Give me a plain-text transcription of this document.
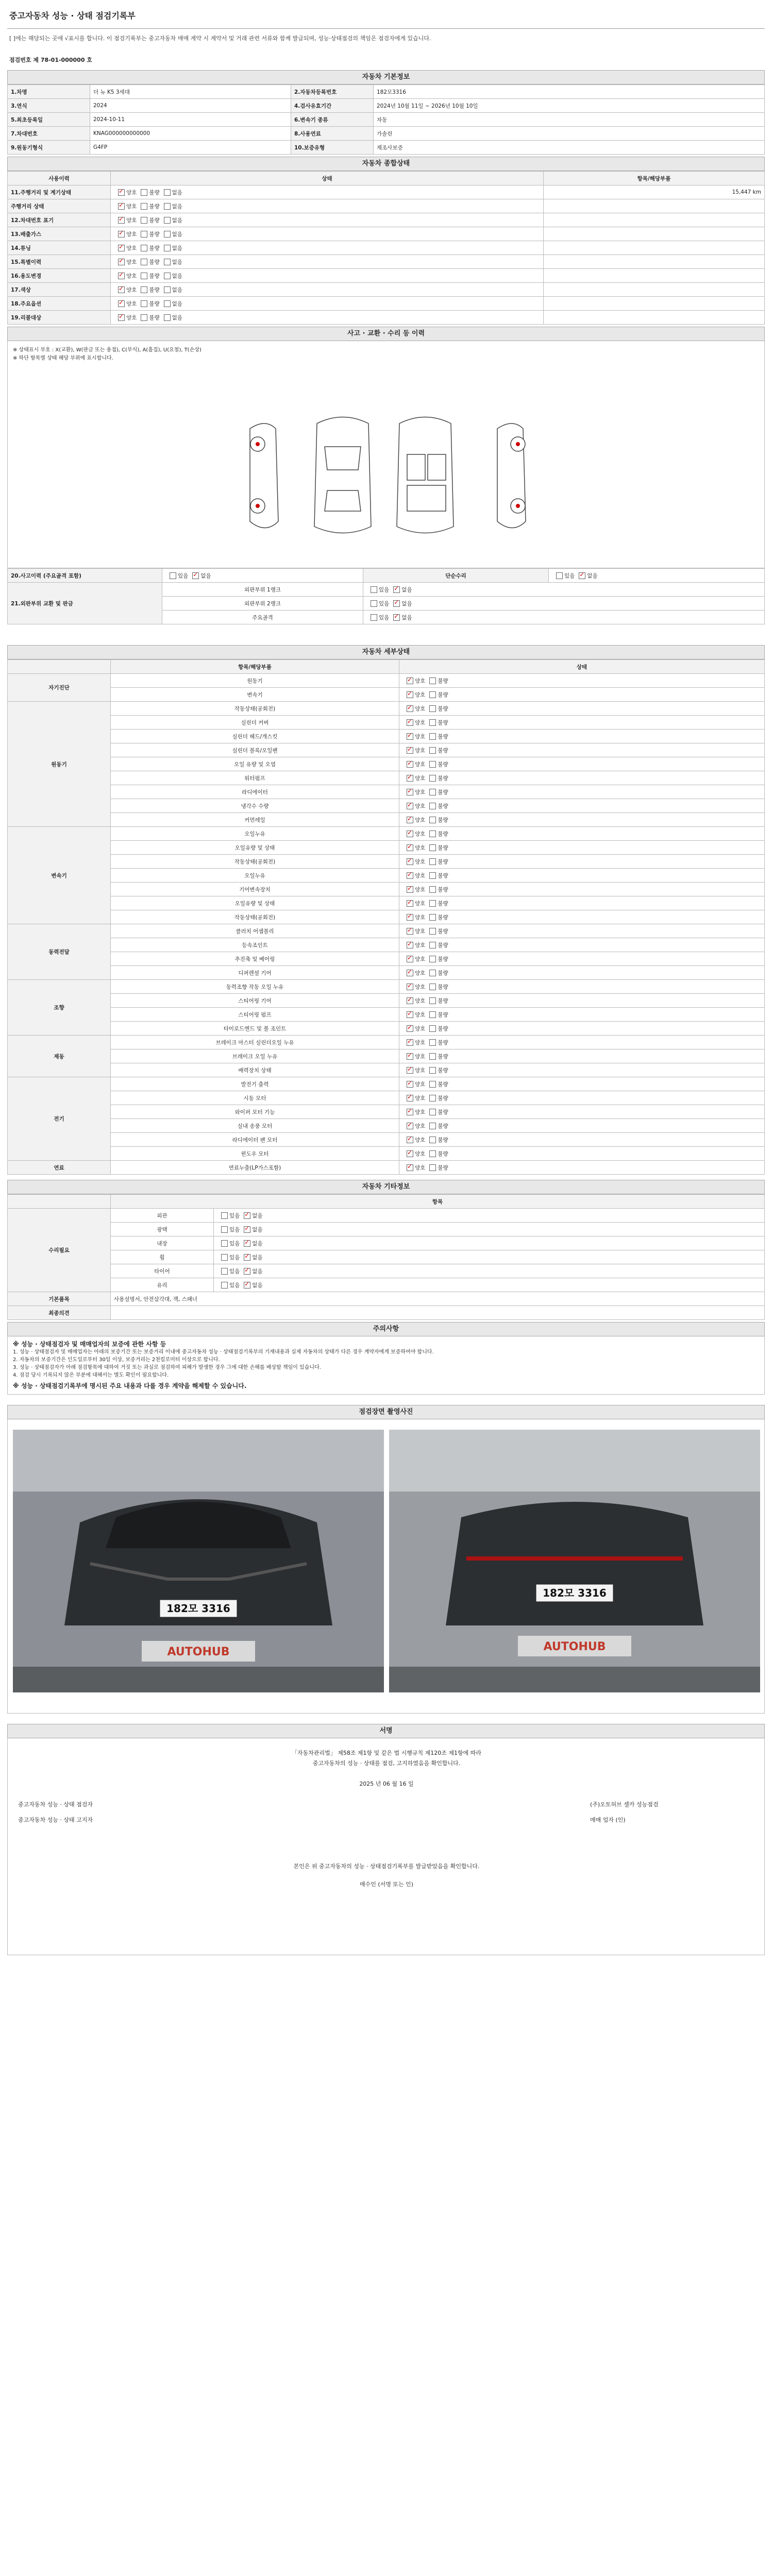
중고자동차 성능 · 상태 점검기록부
[ ]에는 해당되는 곳에 √표시를 합니다. 이 점검기록부는 중고자동차 매매 계약 시 계약서 및 거래 관련 서류와 함께 발급되며, 성능·상태점검의 책임은 점검자에게 있습니다.
점검번호 제 78-01-000000 호
자동차 기본정보
1.차명	더 뉴 K5 3세대	2.자동차등록번호	182모3316
3.연식	2024	4.검사유효기간	2024년 10월 11일 ~ 2026년 10월 10일
5.최초등록일	2024-10-11	6.변속기 종류	자동
7.차대번호	KNAG000000000000	8.사용연료	가솔린
9.원동기형식	G4FP	10.보증유형	제조사보증
자동차 종합상태
사용이력	상태	항목/해당부품
11.주행거리 및 계기상태	✓양호 불량 없음	15,447 km
주행거리 상태	✓양호 불량 없음	
12.차대번호 표기	✓양호 불량 없음	
13.배출가스	✓양호 불량 없음	
14.튜닝	✓양호 불량 없음	
15.특별이력	✓양호 불량 없음	
16.용도변경	✓양호 불량 없음	
17.색상	✓양호 불량 없음	
18.주요옵션	✓양호 불량 없음	
19.리콜대상	✓양호 불량 없음	
사고 · 교환 · 수리 등 이력
※ 상태표시 부호 : X(교환), W(판금 또는 용접), C(부식), A(흠집), U(요철), T(손상)
※ 하단 항목별 상태 해당 부위에 표시합니다.
20.사고이력 (주요골격 포함)	있음 ✓ 없음	단순수리	있음 ✓ 없음
21.외판부위 교환 및 판금	외판부위 1랭크	있음 ✓ 없음
	외판부위 2랭크	있음 ✓ 없음
	주요골격	있음 ✓ 없음
자동차 세부상태
	항목/해당부품	상태
자기진단	원동기	✓양호 불량
	변속기	✓양호 불량
원동기	작동상태(공회전)	✓양호 불량
	실린더 커버	✓양호 불량
	실린더 헤드/개스킷	✓양호 불량
	실린더 블록/오일팬	✓양호 불량
	오일 유량 및 오염	✓양호 불량
	워터펌프	✓양호 불량
	라디에이터	✓양호 불량
	냉각수 수량	✓양호 불량
	커먼레일	✓양호 불량
변속기	오일누유	✓양호 불량
	오일유량 및 상태	✓양호 불량
	작동상태(공회전)	✓양호 불량
	오일누유	✓양호 불량
	기어변속장치	✓양호 불량
	오일유량 및 상태	✓양호 불량
	작동상태(공회전)	✓양호 불량
동력전달	클러치 어셈블리	✓양호 불량
	등속조인트	✓양호 불량
	추진축 및 베어링	✓양호 불량
	디퍼렌셜 기어	✓양호 불량
조향	동력조향 작동 오일 누유	✓양호 불량
	스티어링 기어	✓양호 불량
	스티어링 펌프	✓양호 불량
	타이로드엔드 및 볼 조인트	✓양호 불량
제동	브레이크 마스터 실린더오일 누유	✓양호 불량
	브레이크 오일 누유	✓양호 불량
	배력장치 상태	✓양호 불량
전기	발전기 출력	✓양호 불량
	시동 모터	✓양호 불량
	와이퍼 모터 기능	✓양호 불량
	실내 송풍 모터	✓양호 불량
	라디에이터 팬 모터	✓양호 불량
	윈도우 모터	✓양호 불량
연료	연료누출(LP가스포함)	✓양호 불량
자동차 기타정보
	항목	
수리필요	외관	있음 ✓ 없음
	광택	있음 ✓ 없음
	내장	있음 ✓ 없음
	휠	있음 ✓ 없음
	타이어	있음 ✓ 없음
	유리	있음 ✓ 없음
기본품목	사용설명서, 안전삼각대, 잭, 스패너	
최종의견		
주의사항
※ 성능 · 상태점검자 및 매매업자의 보증에 관한 사항 등
1. 성능 · 상태점검자 및 매매업자는 아래의 보증기간 또는 보증거리 이내에 중고자동차 성능 · 상태점검기록부의 기재내용과 실제 자동차의 상태가 다른 경우 계약자에게 보증하여야 합니다.
2. 자동차의 보증기간은 인도일로부터 30일 이상, 보증거리는 2천킬로미터 이상으로 합니다.
3. 성능 · 상태점검자가 아래 점검항목에 대하여 거짓 또는 과실로 점검하여 피해가 발생한 경우 그에 대한 손해를 배상할 책임이 있습니다.
4. 점검 당시 기록되지 않은 부분에 대해서는 별도 확인이 필요합니다.
※ 성능 · 상태점검기록부에 명시된 주요 내용과 다를 경우 계약을 해제할 수 있습니다.
점검장면 촬영사진
182모 3316
AUTOHUB
182모 3316
AUTOHUB
서명
「자동차관리법」 제58조 제1항 및 같은 법 시행규칙 제120조 제1항에 따라
중고자동차의 성능 · 상태를 점검, 고지하였음을 확인합니다.
2025 년 06 월 16 일
중고자동차 성능 · 상태 점검자	(주)오토허브 셀카 성능점검
중고자동차 성능 · 상태 고지자	매매 업자 (인)
본인은 위 중고자동차의 성능 · 상태점검기록부를 발급받았음을 확인합니다.
매수인 (서명 또는 인)
